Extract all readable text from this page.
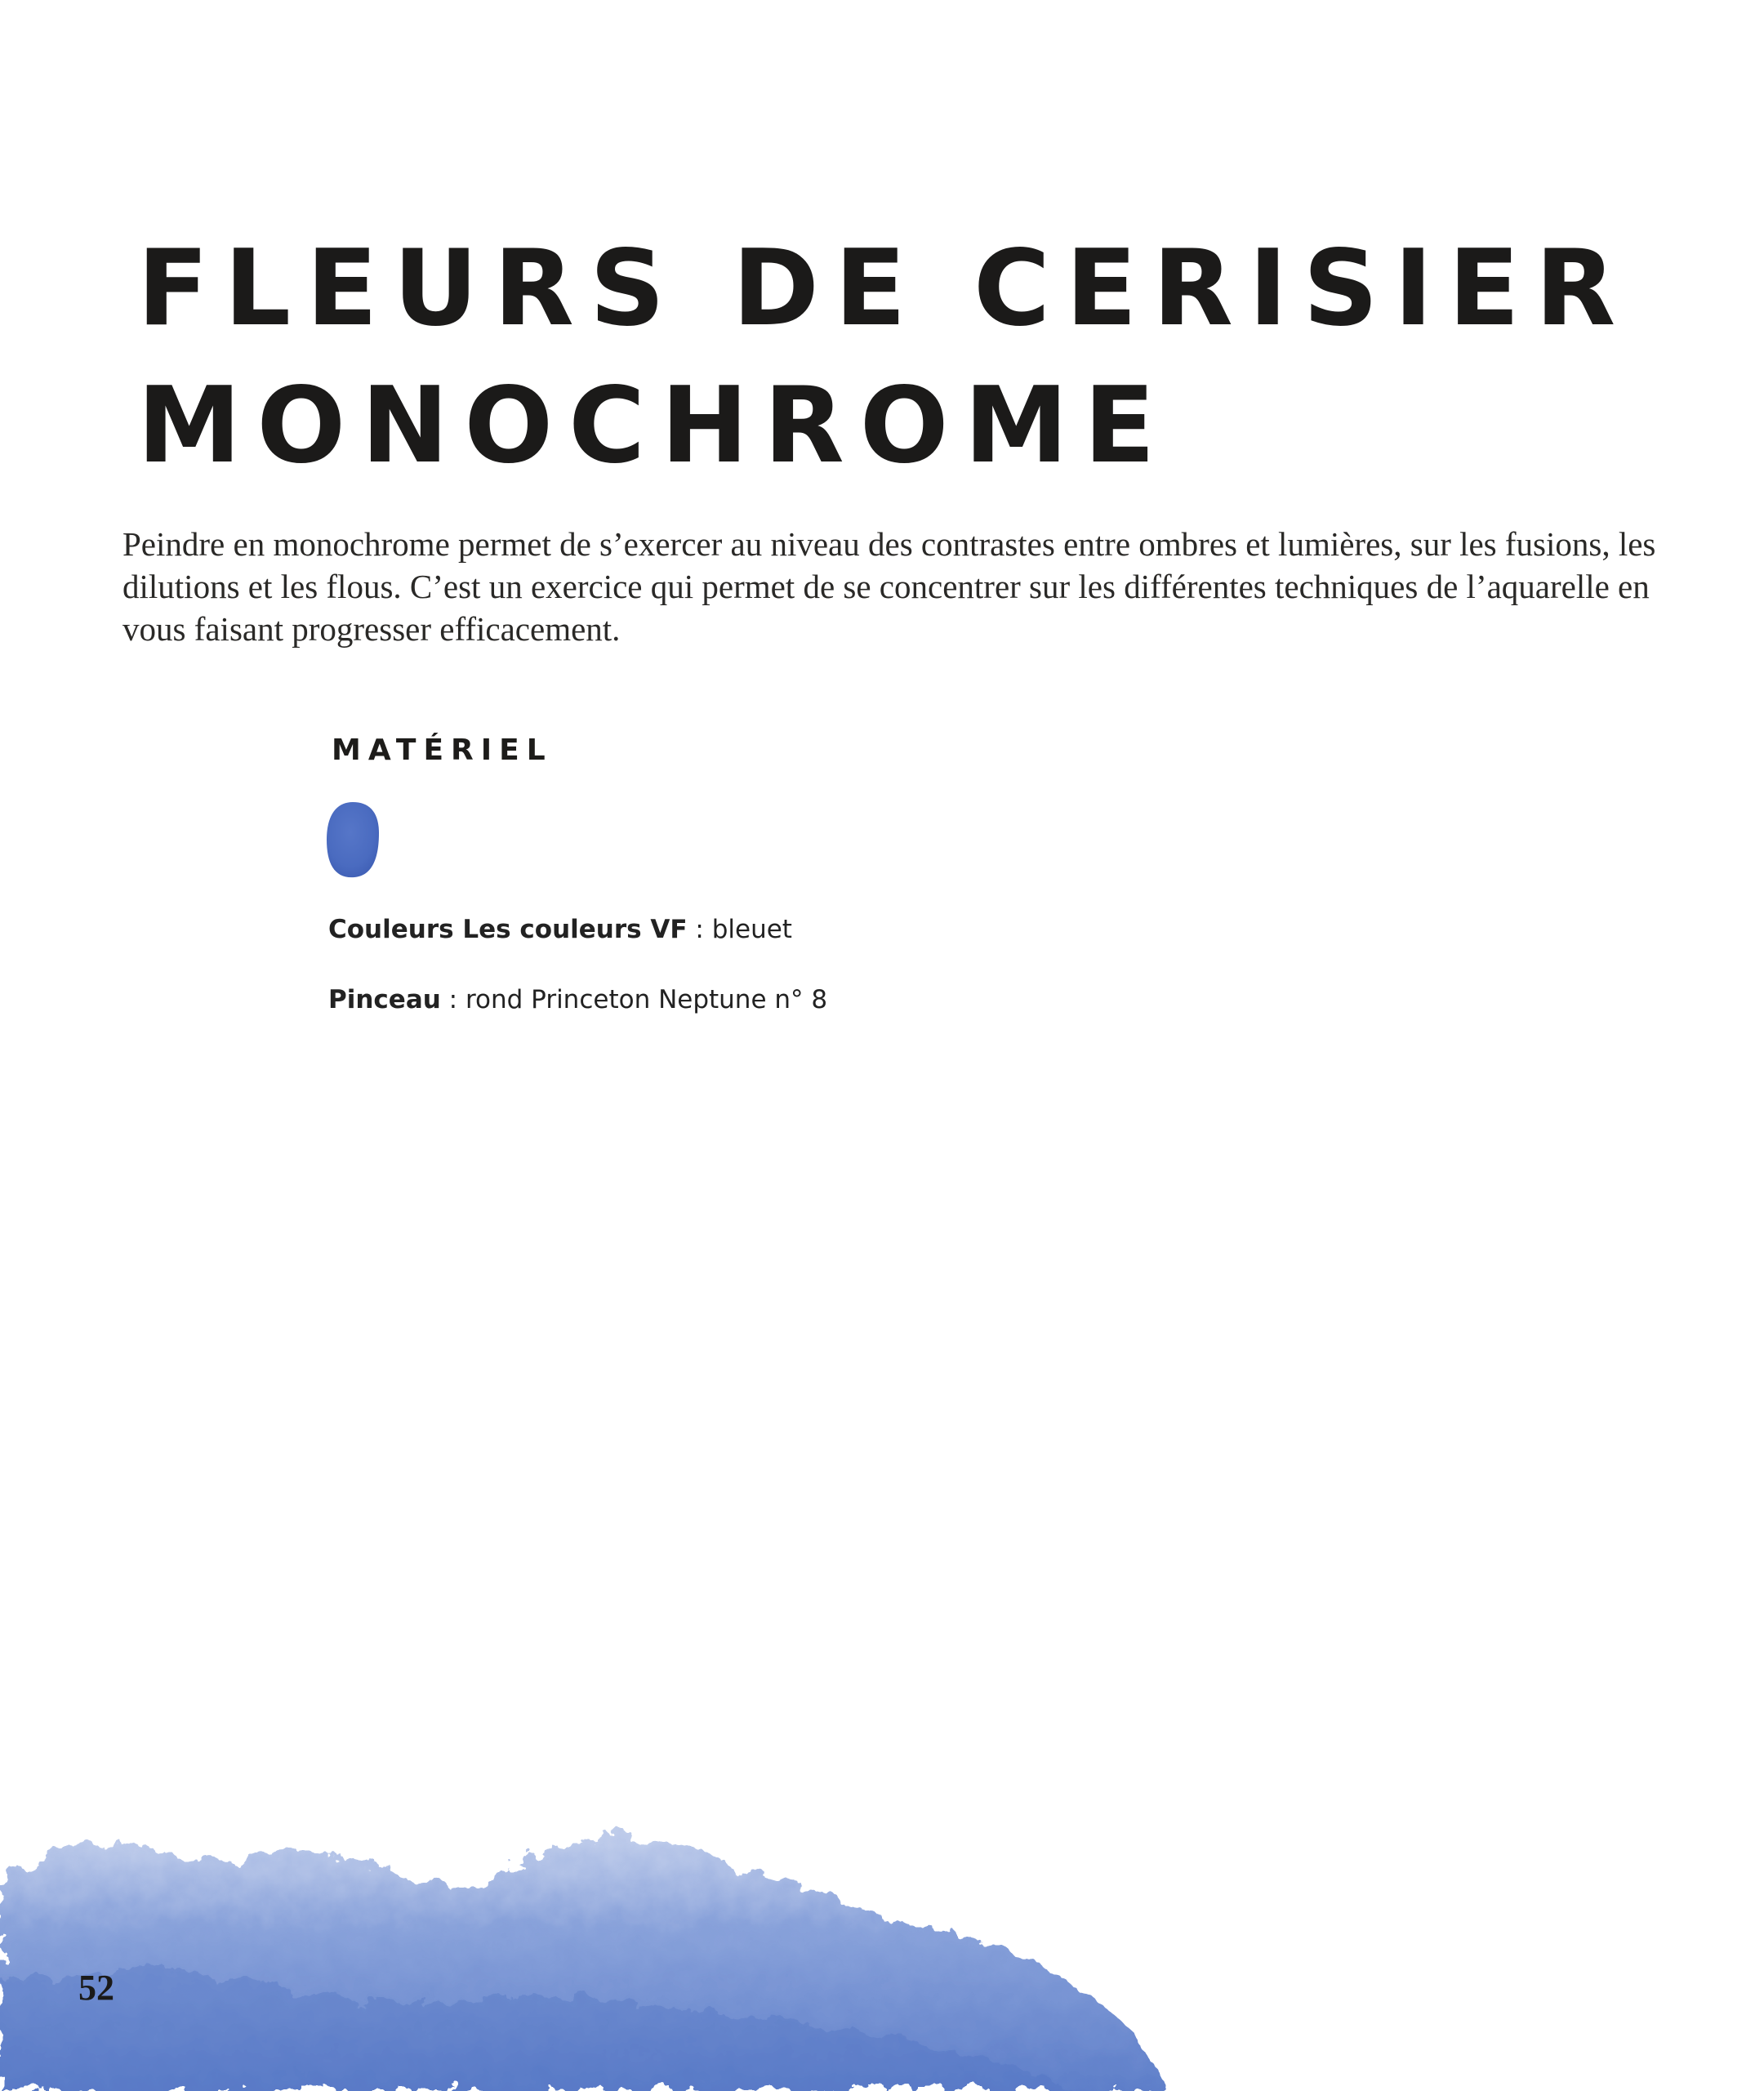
FLEURS DE CERISIER
MONOCHROME

Peindre en monochrome permet de s’exercer au niveau des contrastes entre ombres et lumières, sur les fusions, les dilutions et les flous. C’est un exercice qui permet de se concentrer sur les différentes techniques de l’aquarelle en vous faisant progresser efficacement.

MATÉRIEL

Couleurs Les couleurs VF : bleuet

Pinceau : rond Princeton Neptune n° 8

52
